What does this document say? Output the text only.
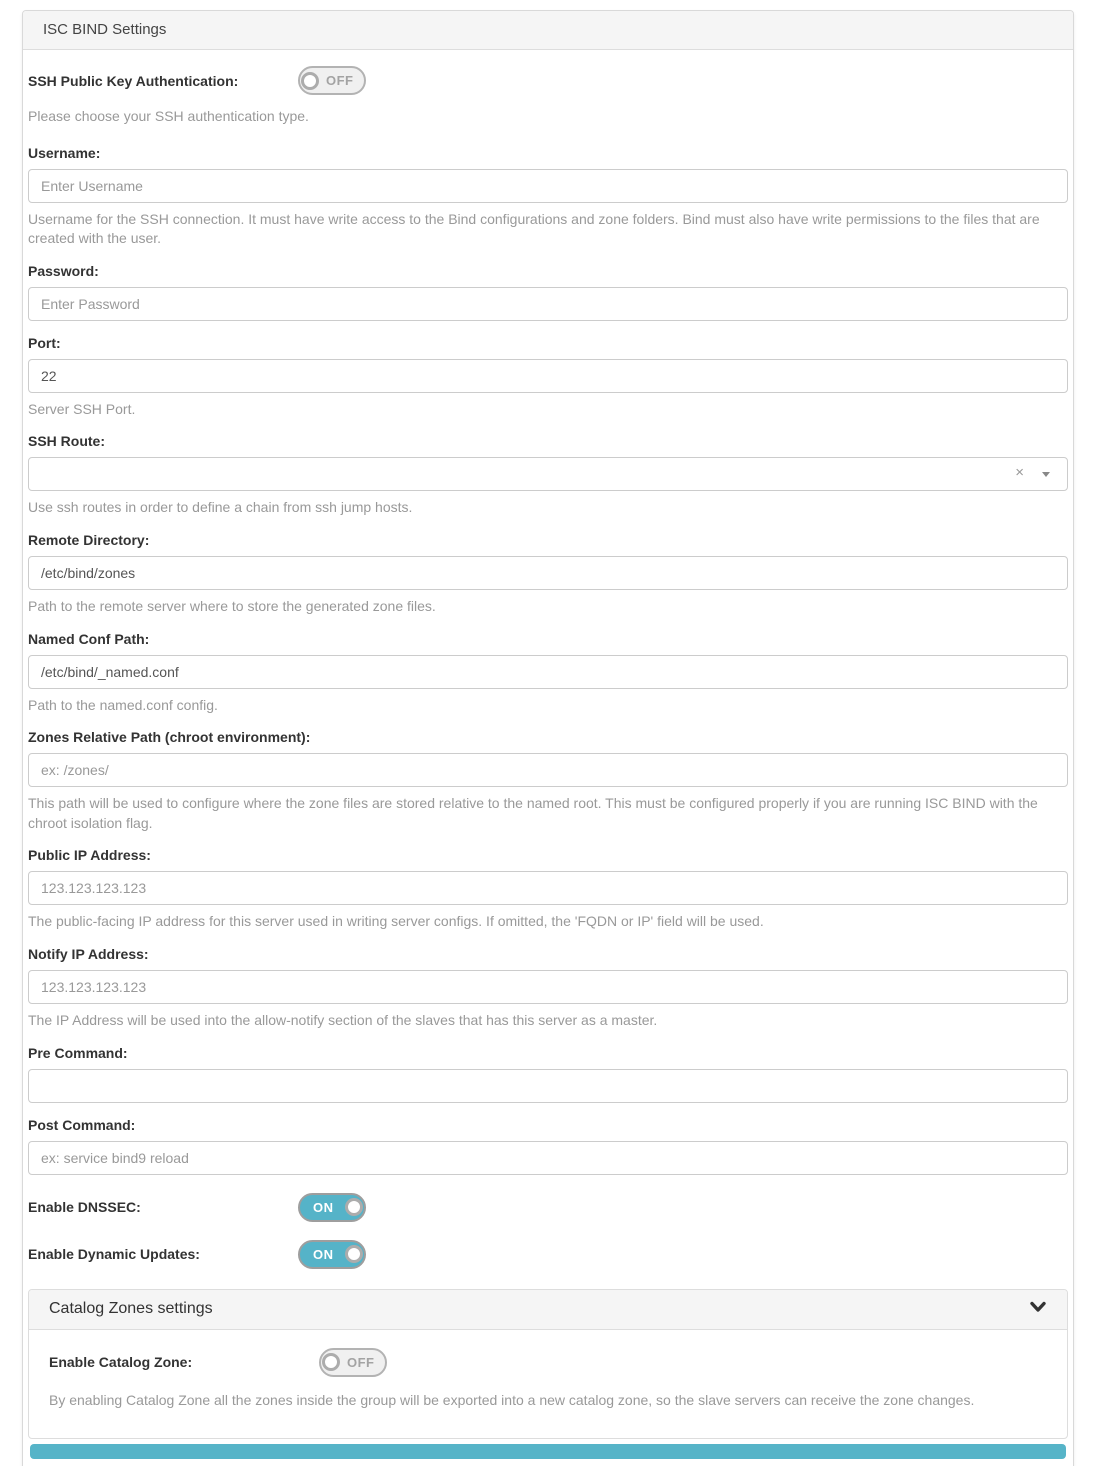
ISC BIND Settings
SSH Public Key Authentication:	OFF
Please choose your SSH authentication type.
Username:
Enter Username
Username for the SSH connection. It must have write access to the Bind configurations and zone folders. Bind must also have write permissions to the files that are created with the user.
Password:
Enter Password
Port:
22
Server SSH Port.
SSH Route:
×
Use ssh routes in order to define a chain from ssh jump hosts.
Remote Directory:
/etc/bind/zones
Path to the remote server where to store the generated zone files.
Named Conf Path:
/etc/bind/_named.conf
Path to the named.conf config.
Zones Relative Path (chroot environment):
ex: /zones/
This path will be used to configure where the zone files are stored relative to the named root. This must be configured properly if you are running ISC BIND with the chroot isolation flag.
Public IP Address:
123.123.123.123
The public-facing IP address for this server used in writing server configs. If omitted, the 'FQDN or IP' field will be used.
Notify IP Address:
123.123.123.123
The IP Address will be used into the allow-notify section of the slaves that has this server as a master.
Pre Command:
Post Command:
ex: service bind9 reload
Enable DNSSEC:	ON
Enable Dynamic Updates:	ON
Catalog Zones settings
Enable Catalog Zone:	OFF
By enabling Catalog Zone all the zones inside the group will be exported into a new catalog zone, so the slave servers can receive the zone changes.
